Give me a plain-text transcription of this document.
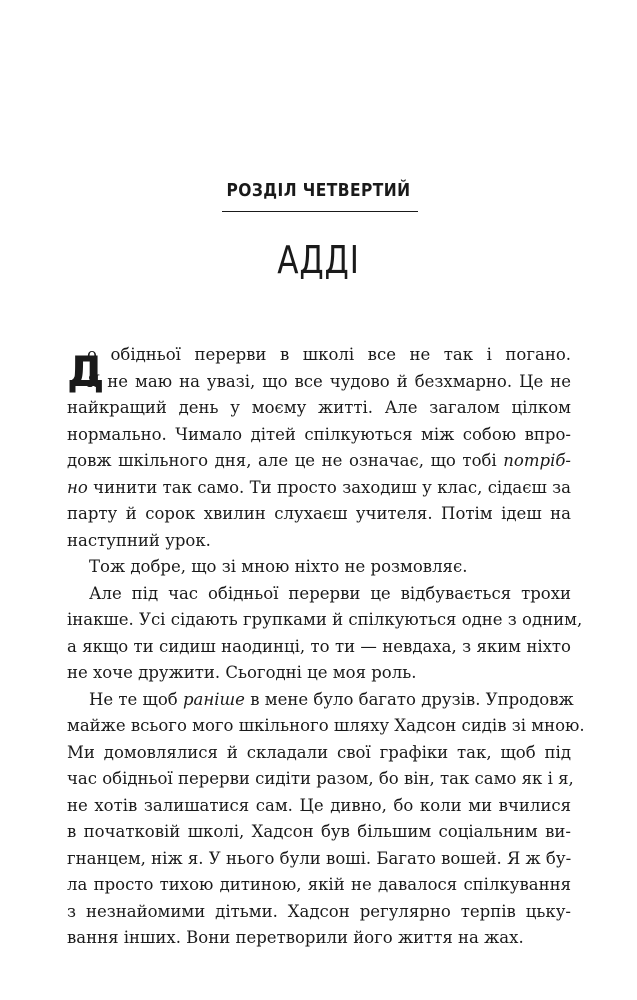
РОЗДІЛ ЧЕТВЕРТИЙ
АДДІ
Д
о обідньої перерви в школі все не так і погано.
Я не маю на увазі, що все чудово й безхмарно. Це не
найкращий день у моєму житті. Але загалом цілком
нормально. Чимало дітей спілкуються між собою впро-
довж шкільного дня, але це не означає, що тобі потріб-
но чинити так само. Ти просто заходиш у клас, сідаєш за
парту й сорок хвилин слухаєш учителя. Потім ідеш на
наступний урок.
Тож добре, що зі мною ніхто не розмовляє.
Але під час обідньої перерви це відбувається трохи
інакше. Усі сідають групками й спілкуються одне з одним,
а якщо ти сидиш наодинці, то ти — невдаха, з яким ніхто
не хоче дружити. Сьогодні це моя роль.
Не те щоб раніше в мене було багато друзів. Упродовж
майже всього мого шкільного шляху Хадсон сидів зі мною.
Ми домовлялися й складали свої графіки так, щоб під
час обідньої перерви сидіти разом, бо він, так само як і я,
не хотів залишатися сам. Це дивно, бо коли ми вчилися
в початковій школі, Хадсон був більшим соціальним ви-
гнанцем, ніж я. У нього були воші. Багато вошей. Я ж бу-
ла просто тихою дитиною, якій не давалося спілкування
з незнайомими дітьми. Хадсон регулярно терпів цьку-
вання інших. Вони перетворили його життя на жах.
